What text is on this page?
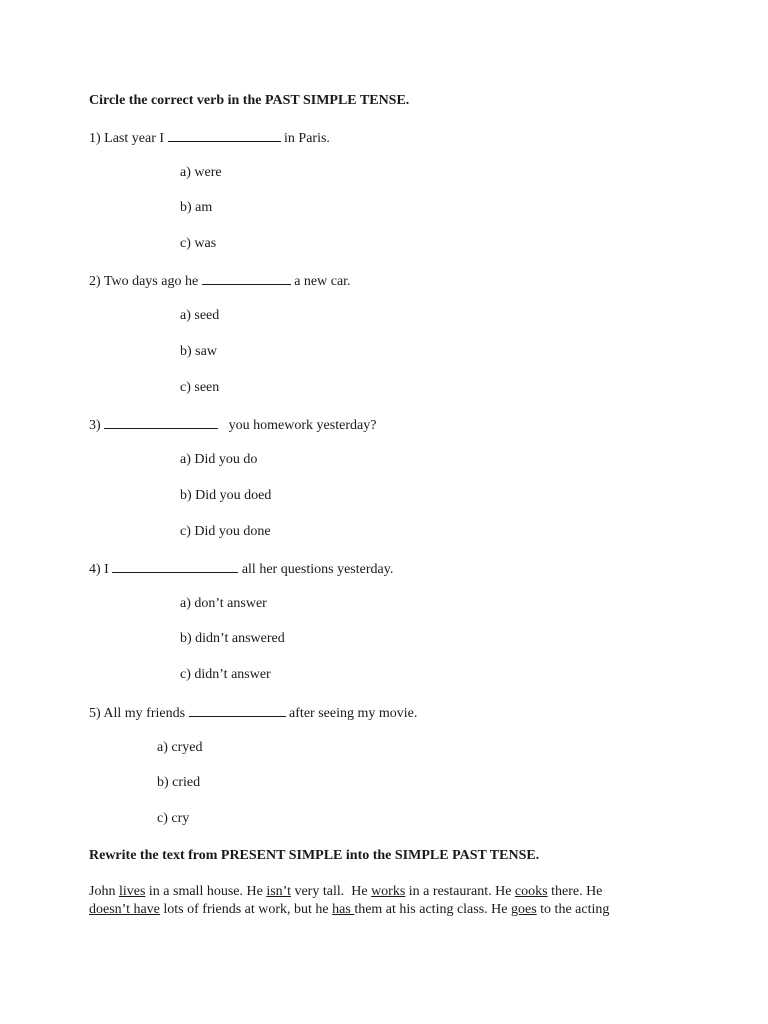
Circle the correct verb in the PAST SIMPLE TENSE.
1) Last year I	in Paris.
a) were
b) am
c) was
2) Two days ago he	a new car.
a) seed
b) saw
c) seen
3)	you homework yesterday?
a) Did you do
b) Did you doed
c) Did you done
4) I	all her questions yesterday.
a) don’t answer
b) didn’t answered
c) didn’t answer
5) All my friends	after seeing my movie.
a) cryed
b) cried
c) cry
Rewrite the text from PRESENT SIMPLE into the SIMPLE PAST TENSE.
John lives in a small house. He isn’t very tall.  He works in a restaurant. He cooks there. He
doesn’t have lots of friends at work, but he has them at his acting class. He goes to the acting
